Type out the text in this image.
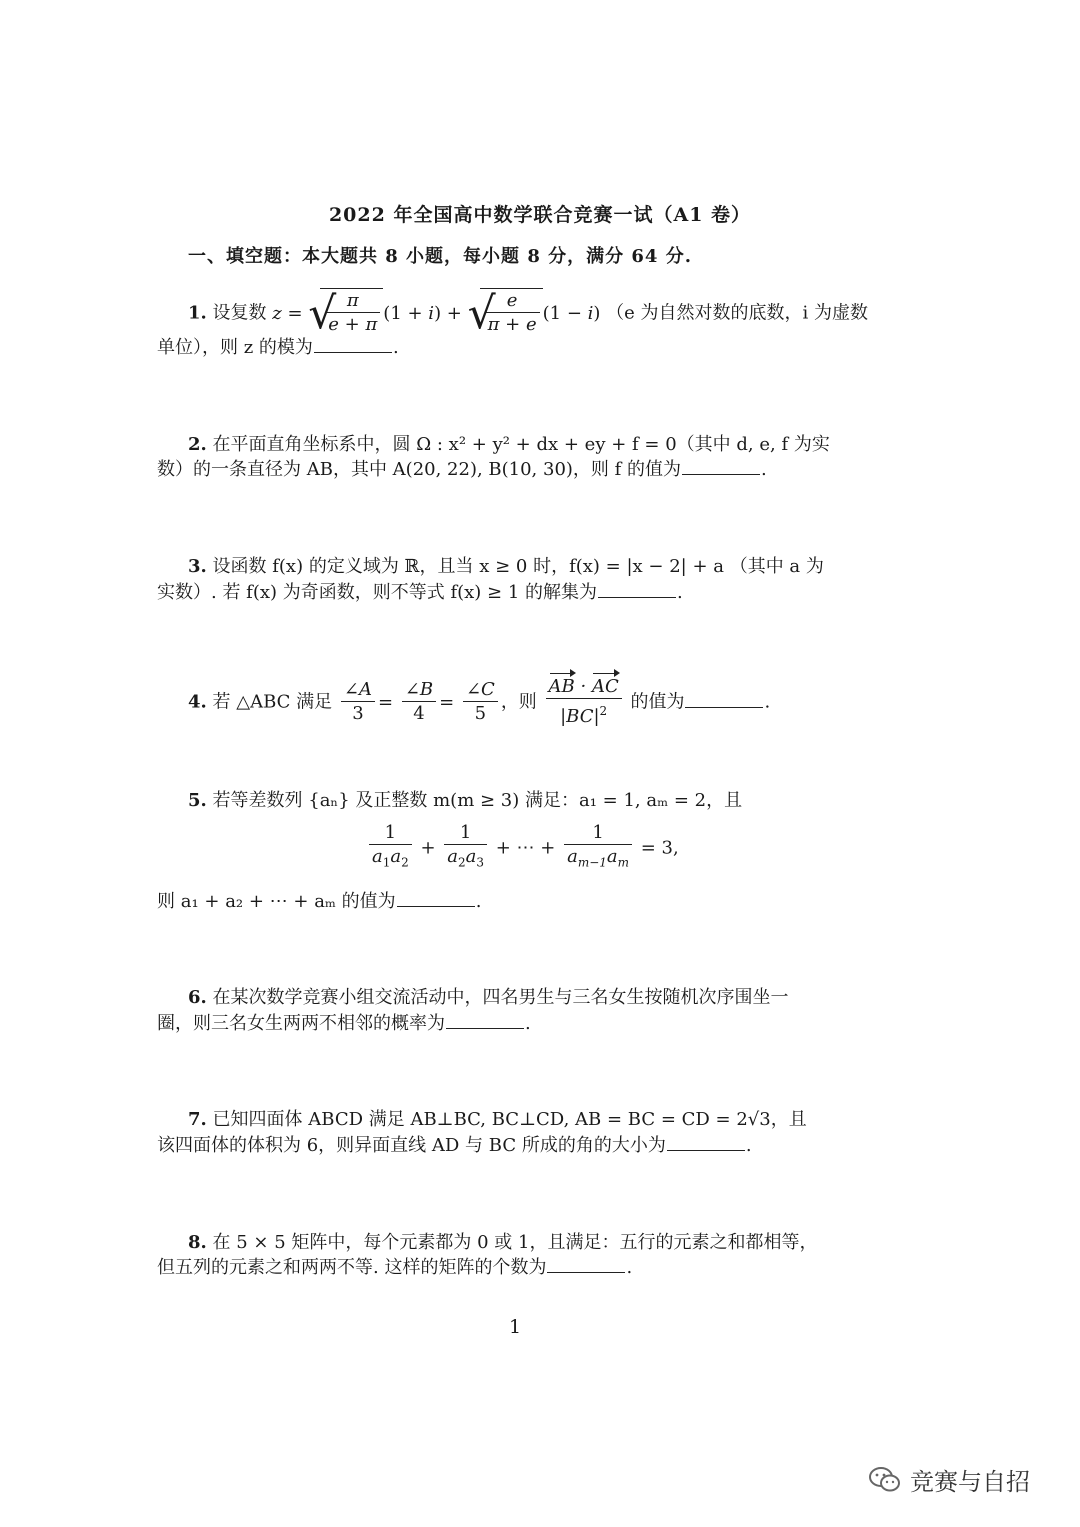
2022 年全国高中数学联合竞赛一试（A1 卷）
一、填空题：本大题共 8 小题，每小题 8 分，满分 64 分.
1. 设复数 z = √
$\frac{\pi}{e + \pi} (1 + i)$ + √
$\frac{e}{\pi + e} (1 - i)$ （e 为自然对数的底数，i 为虚数
单位），则 z 的模为	.
2. 在平面直角坐标系中，圆 Ω : x² + y² + dx + ey + f = 0（其中 d, e, f 为实
数）的一条直径为 AB，其中 A(20, 22), B(10, 30)，则 f 的值为	.
3. 设函数 f(x) 的定义域为 ℝ，且当 x ≥ 0 时，f(x) = |x − 2| + a （其中 a 为
实数）. 若 f(x) 为奇函数，则不等式 f(x) ≥ 1 的解集为	.
4. 若 △ABC 满足 $\frac{\angle A}{3} = \frac{\angle B}{4} = \frac{\angle C}{5}$ ，则 $\frac{AB \cdot AC}{|BC|^2}$ 的值为	.
5. 若等差数列 {aₙ} 及正整数 m(m ≥ 3) 满足：a₁ = 1, aₘ = 2，且
$\frac{1}{a_1a_2} + \frac{1}{a_2a_3}$ + ⋯ + $\frac{1}{a_{m-1}a_m} = 3$,
则 a₁ + a₂ + ⋯ + aₘ 的值为	.
6. 在某次数学竞赛小组交流活动中，四名男生与三名女生按随机次序围坐一
圈，则三名女生两两不相邻的概率为	.
7. 已知四面体 ABCD 满足 AB⊥BC, BC⊥CD, AB = BC = CD = 2√3，且
该四面体的体积为 6，则异面直线 AD 与 BC 所成的角的大小为	.
8. 在 5 × 5 矩阵中，每个元素都为 0 或 1，且满足：五行的元素之和都相等，
但五列的元素之和两两不等. 这样的矩阵的个数为	.
1
竞赛与自招
